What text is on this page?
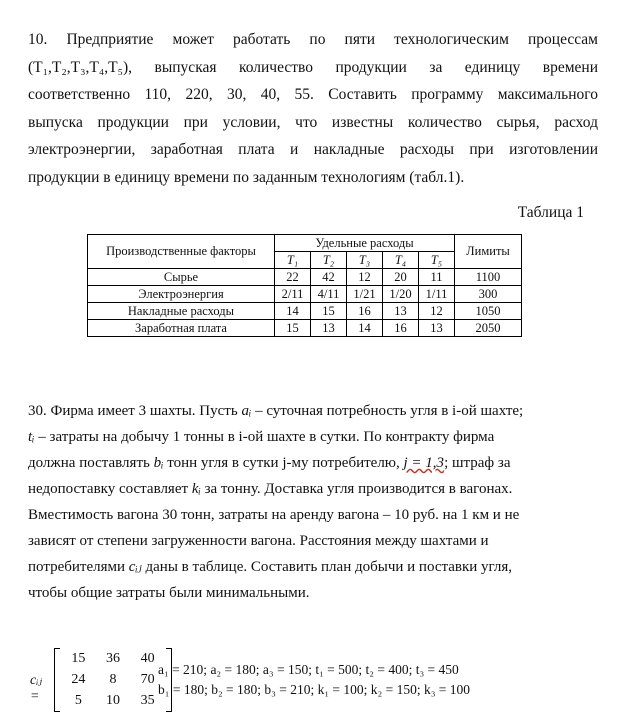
10. Предприятие может работать по пяти технологическим процессам
(T₁,T₂,T₃,T₄,T₅), выпуская количество продукции за единицу времени
соответственно 110, 220, 30, 40, 55. Составить программу максимального
выпуска продукции при условии, что известны количество сырья, расход
электроэнергии, заработная плата и накладные расходы при изготовлении
продукции в единицу времени по заданным технологиям (табл.1).
Таблица 1
Производственные факторы	Удельные расходы					Лимиты
	T₁	T₂	T₃	T₄	T₅	
Сырье	22	42	12	20	11	1100
Электроэнергия	2/11	4/11	1/21	1/20	1/11	300
Накладные расходы	14	15	16	13	12	1050
Заработная плата	15	13	14	16	13	2050
30. Фирма имеет 3 шахты. Пусть aᵢ – суточная потребность угля в i-ой шахте;
tᵢ – затраты на добычу 1 тонны в i-ой шахте в сутки. По контракту фирма
должна поставлять bᵢ тонн угля в сутки j-му потребителю, j = 1,3; штраф за
недопоставку составляет kᵢ за тонну. Доставка угля производится в вагонах.
Вместимость вагона 30 тонн, затраты на аренду вагона – 10 руб. на 1 км и не
зависят от степени загруженности вагона. Расстояния между шахтами и
потребителями cᵢⱼ даны в таблице. Составить план добычи и поставки угля,
чтобы общие затраты были минимальными.
cᵢⱼ =
15	36	40
24	8	70
5	10	35
a₁ = 210; a₂ = 180; a₃ = 150; t₁ = 500; t₂ = 400; t₃ = 450
b₁ = 180; b₂ = 180; b₃ = 210; k₁ = 100; k₂ = 150; k₃ = 100
